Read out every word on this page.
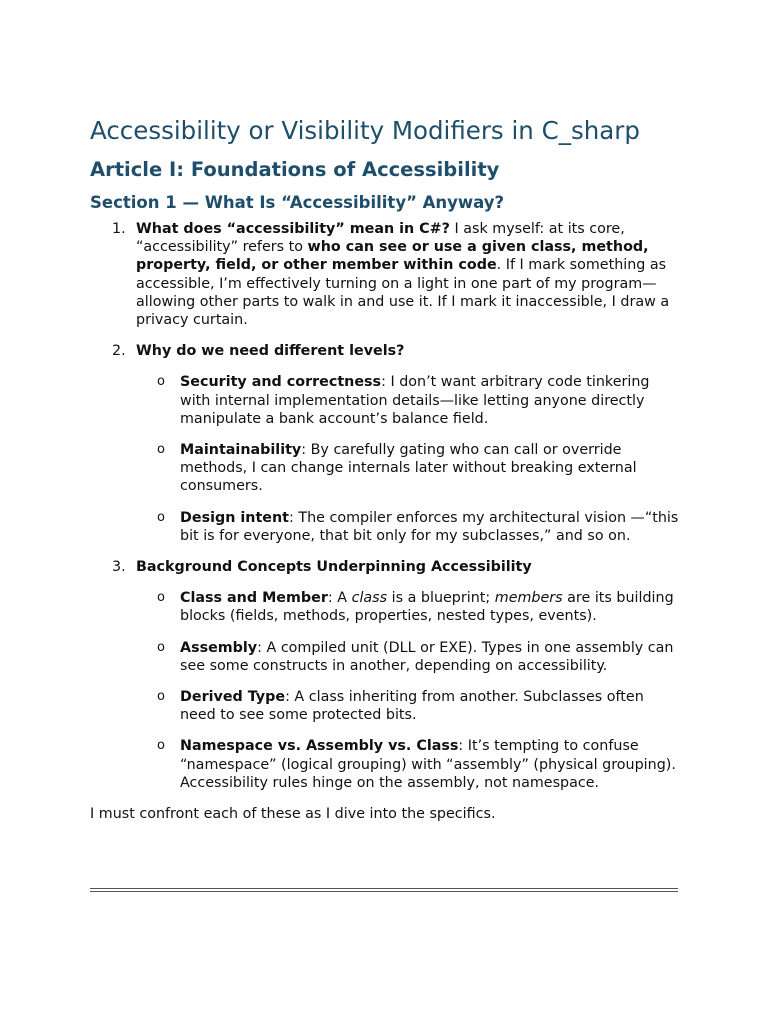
Accessibility or Visibility Modifiers in C_sharp
Article I: Foundations of Accessibility
Section 1 — What Is “Accessibility” Anyway?
1. What does “accessibility” mean in C#? I ask myself: at its core, “accessibility” refers to who can see or use a given class, method, property, field, or other member within code. If I mark something as accessible, I’m effectively turning on a light in one part of my program—allowing other parts to walk in and use it. If I mark it inaccessible, I draw a privacy curtain.
2. Why do we need different levels?
o Security and correctness: I don’t want arbitrary code tinkering with internal implementation details—like letting anyone directly manipulate a bank account’s balance field.
o Maintainability: By carefully gating who can call or override methods, I can change internals later without breaking external consumers.
o Design intent: The compiler enforces my architectural vision —“this bit is for everyone, that bit only for my subclasses,” and so on.
3. Background Concepts Underpinning Accessibility
o Class and Member: A class is a blueprint; members are its building blocks (fields, methods, properties, nested types, events).
o Assembly: A compiled unit (DLL or EXE). Types in one assembly can see some constructs in another, depending on accessibility.
o Derived Type: A class inheriting from another. Subclasses often need to see some protected bits.
o Namespace vs. Assembly vs. Class: It’s tempting to confuse “namespace” (logical grouping) with “assembly” (physical grouping). Accessibility rules hinge on the assembly, not namespace.

I must confront each of these as I dive into the specifics.
